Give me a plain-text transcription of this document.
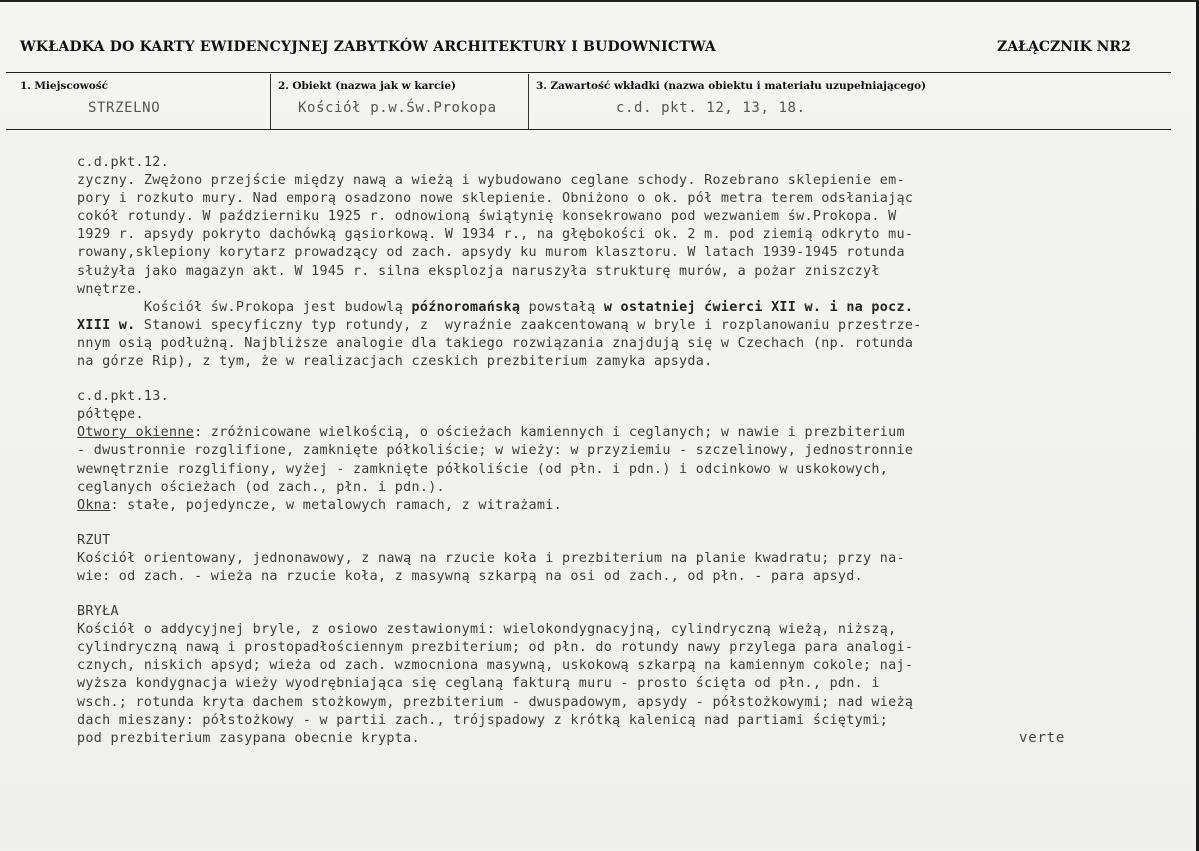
WKŁADKA DO KARTY EWIDENCYJNEJ ZABYTKÓW ARCHITEKTURY I BUDOWNICTWA	ZAŁĄCZNIK NR2
1. Miejscowość
STRZELNO
2. Obiekt (nazwa jak w karcie)
Kościół p.w.Św.Prokopa
3. Zawartość wkładki (nazwa obiektu i materiału uzupełniającego)
c.d. pkt. 12, 13, 18.
c.d.pkt.12.
zyczny. Zwężono przejście między nawą a wieżą i wybudowano ceglane schody. Rozebrano sklepienie em-
pory i rozkuto mury. Nad emporą osadzono nowe sklepienie. Obniżono o ok. pół metra terem odsłaniając
cokół rotundy. W październiku 1925 r. odnowioną świątynię konsekrowano pod wezwaniem św.Prokopa. W
1929 r. apsydy pokryto dachówką gąsiorkową. W 1934 r., na głębokości ok. 2 m. pod ziemią odkryto mu-
rowany,sklepiony korytarz prowadzący od zach. apsydy ku murom klasztoru. W latach 1939-1945 rotunda
służyła jako magazyn akt. W 1945 r. silna eksplozja naruszyła strukturę murów, a pożar zniszczył
wnętrze.
Kościół św.Prokopa jest budowlą późnoromańską powstałą w ostatniej ćwierci XII w. i na pocz.
XIII w. Stanowi specyficzny typ rotundy, z  wyraźnie zaakcentowaną w bryle i rozplanowaniu przestrze-
nnym osią podłużną. Najbliższe analogie dla takiego rozwiązania znajdują się w Czechach (np. rotunda
na górze Rip), z tym, że w realizacjach czeskich prezbiterium zamyka apsyda.
c.d.pkt.13.
półtępe.
Otwory okienne: zróżnicowane wielkością, o ościeżach kamiennych i ceglanych; w nawie i prezbiterium
- dwustronnie rozglifione, zamknięte półkoliście; w wieży: w przyziemiu - szczelinowy, jednostronnie
wewnętrznie rozglifiony, wyżej - zamknięte półkoliście (od płn. i pdn.) i odcinkowo w uskokowych,
ceglanych ościeżach (od zach., płn. i pdn.).
Okna: stałe, pojedyncze, w metalowych ramach, z witrażami.
RZUT
Kościół orientowany, jednonawowy, z nawą na rzucie koła i prezbiterium na planie kwadratu; przy na-
wie: od zach. - wieża na rzucie koła, z masywną szkarpą na osi od zach., od płn. - para apsyd.
BRYŁA
Kościół o addycyjnej bryle, z osiowo zestawionymi: wielokondygnacyjną, cylindryczną wieżą, niższą,
cylindryczną nawą i prostopadłościennym prezbiterium; od płn. do rotundy nawy przylega para analogi-
cznych, niskich apsyd; wieża od zach. wzmocniona masywną, uskokową szkarpą na kamiennym cokole; naj-
wyższa kondygnacja wieży wyodrębniająca się ceglaną fakturą muru - prosto ścięta od płn., pdn. i
wsch.; rotunda kryta dachem stożkowym, prezbiterium - dwuspadowym, apsydy - półstożkowymi; nad wieżą
dach mieszany: półstożkowy - w partii zach., trójspadowy z krótką kalenicą nad partiami ściętymi;
pod prezbiterium zasypana obecnie krypta.	verte
